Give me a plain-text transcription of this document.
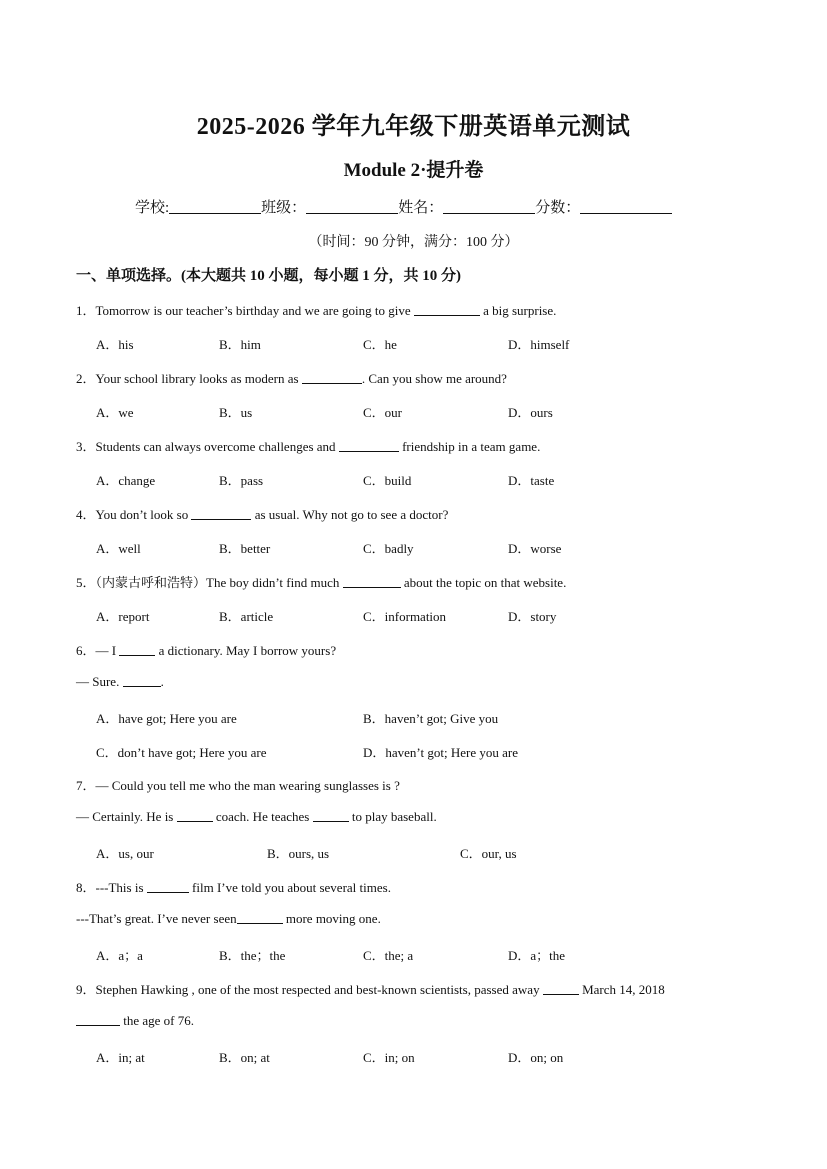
2025-2026 学年九年级下册英语单元测试
Module 2·提升卷
学校:	班级：	姓名：	分数：
（时间：90 分钟，满分：100 分）
一、单项选择。(本大题共 10 小题，每小题 1 分，共 10 分)
1．Tomorrow is our teacher’s birthday and we are going to give	a big surprise.
A．his	B．him	C．he	D．himself
2．Your school library looks as modern as	. Can you show me around?
A．we	B．us	C．our	D．ours
3．Students can always overcome challenges and	friendship in a team game.
A．change	B．pass	C．build	D．taste
4．You don’t look so	as usual. Why not go to see a doctor?
A．well	B．better	C．badly	D．worse
5．（内蒙古呼和浩特）The boy didn’t find much	about the topic on that website.
A．report	B．article	C．information	D．story
6．— I	a dictionary. May I borrow yours?
— Sure.	.
A．have got; Here you are	B．haven’t got; Give you
C．don’t have got; Here you are	D．haven’t got; Here you are
7．— Could you tell me who the man wearing sunglasses is ?
— Certainly. He is	coach. He teaches	to play baseball.
A．us, our	B．ours, us	C．our, us
8．---This is	film I’ve told you about several times.
---That’s great. I’ve never seen	more moving one.
A．a；a	B．the；the	C．the; a	D．a；the
9．Stephen Hawking , one of the most respected and best-known scientists, passed away	March 14, 2018
the age of 76.
A．in; at	B．on; at	C．in; on	D．on; on
